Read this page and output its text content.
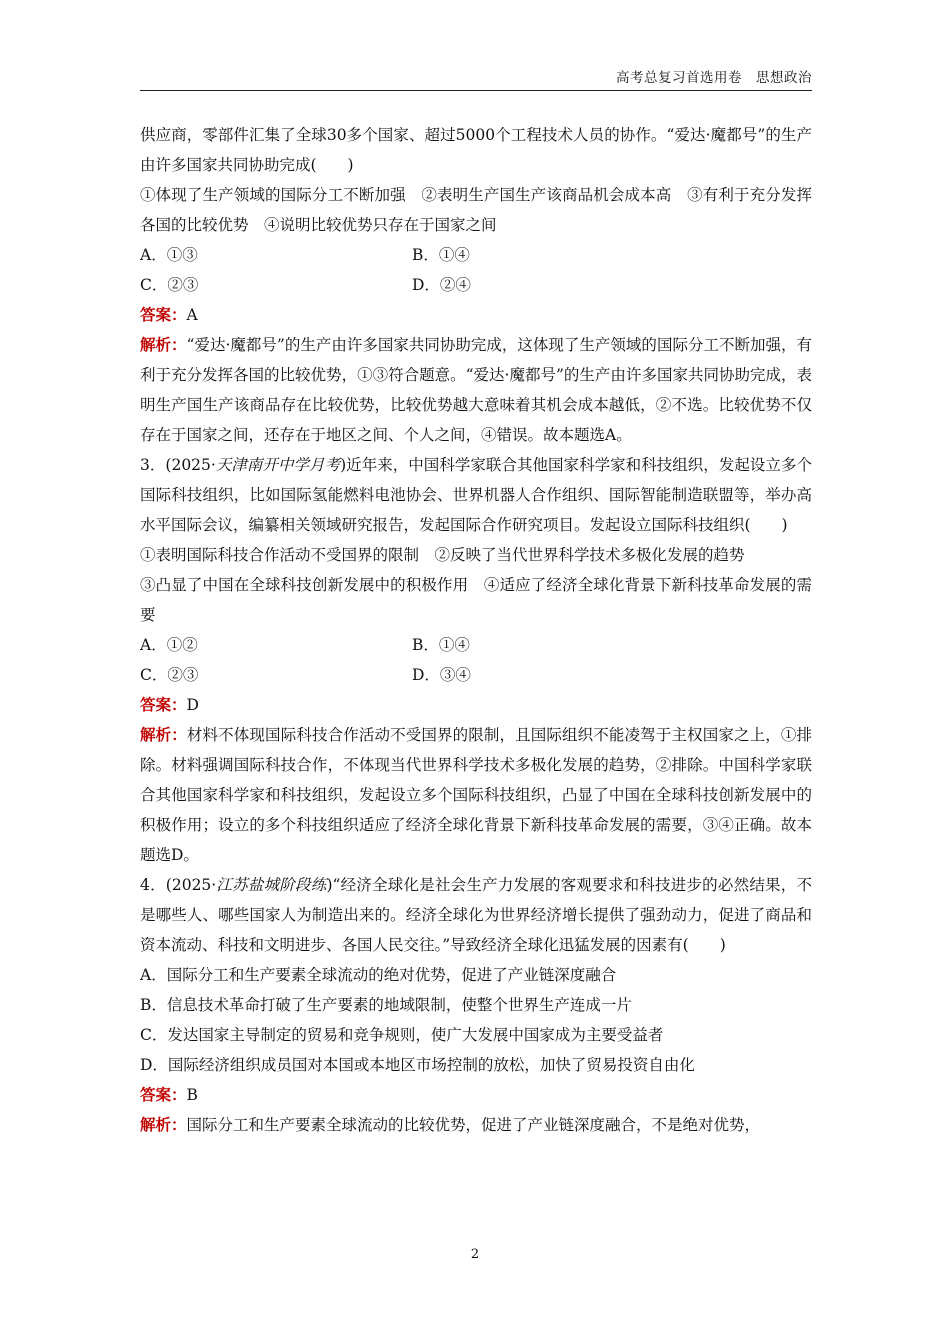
高考总复习首选用卷 思想政治

供应商，零部件汇集了全球30多个国家、超过5000个工程技术人员的协作。“爱达·魔都号”的生产由许多国家共同协助完成(　　)

①体现了生产领域的国际分工不断加强　②表明生产国生产该商品机会成本高　③有利于充分发挥各国的比较优势　④说明比较优势只存在于国家之间

A．①③	B．①④
C．②③	D．②④

答案：A

解析：“爱达·魔都号”的生产由许多国家共同协助完成，这体现了生产领域的国际分工不断加强，有利于充分发挥各国的比较优势，①③符合题意。“爱达·魔都号”的生产由许多国家共同协助完成，表明生产国生产该商品存在比较优势，比较优势越大意味着其机会成本越低，②不选。比较优势不仅存在于国家之间，还存在于地区之间、个人之间，④错误。故本题选A。

3．(2025·天津南开中学月考)近年来，中国科学家联合其他国家科学家和科技组织，发起设立多个国际科技组织，比如国际氢能燃料电池协会、世界机器人合作组织、国际智能制造联盟等，举办高水平国际会议，编纂相关领域研究报告，发起国际合作研究项目。发起设立国际科技组织(　　)

①表明国际科技合作活动不受国界的限制　②反映了当代世界科学技术多极化发展的趋势

③凸显了中国在全球科技创新发展中的积极作用　④适应了经济全球化背景下新科技革命发展的需要

A．①②	B．①④
C．②③	D．③④

答案：D

解析：材料不体现国际科技合作活动不受国界的限制，且国际组织不能凌驾于主权国家之上，①排除。材料强调国际科技合作，不体现当代世界科学技术多极化发展的趋势，②排除。中国科学家联合其他国家科学家和科技组织，发起设立多个国际科技组织，凸显了中国在全球科技创新发展中的积极作用；设立的多个科技组织适应了经济全球化背景下新科技革命发展的需要，③④正确。故本题选D。

4．(2025·江苏盐城阶段练)“经济全球化是社会生产力发展的客观要求和科技进步的必然结果，不是哪些人、哪些国家人为制造出来的。经济全球化为世界经济增长提供了强劲动力，促进了商品和资本流动、科技和文明进步、各国人民交往。”导致经济全球化迅猛发展的因素有(　　)

A．国际分工和生产要素全球流动的绝对优势，促进了产业链深度融合

B．信息技术革命打破了生产要素的地域限制，使整个世界生产连成一片

C．发达国家主导制定的贸易和竞争规则，使广大发展中国家成为主要受益者

D．国际经济组织成员国对本国或本地区市场控制的放松，加快了贸易投资自由化

答案：B

解析：国际分工和生产要素全球流动的比较优势，促进了产业链深度融合，不是绝对优势，

2
